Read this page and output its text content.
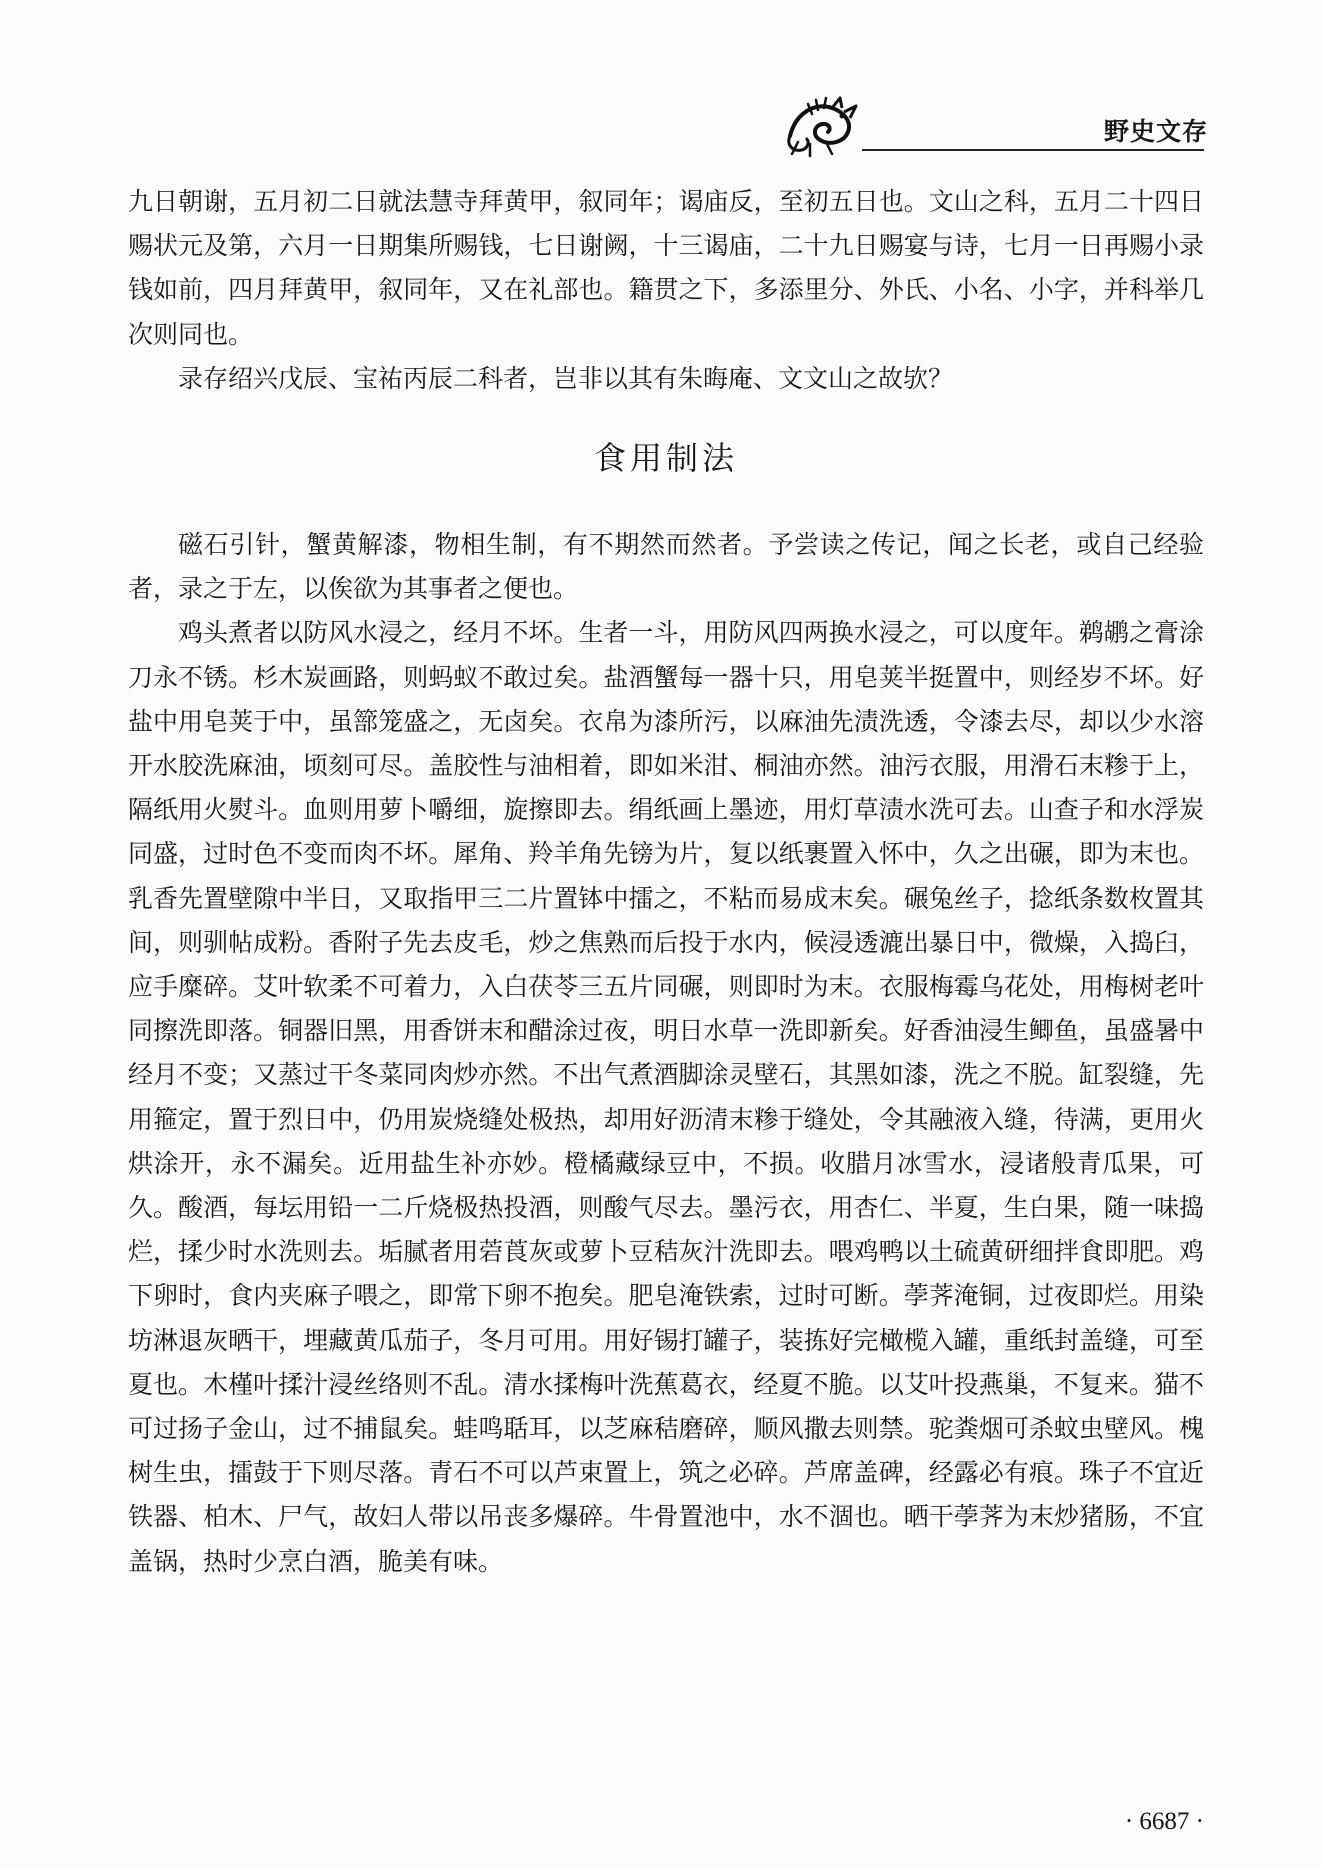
野史文存

九日朝谢，五月初二日就法慧寺拜黄甲，叙同年；谒庙反，至初五日也。文山之科，五月二十四日赐状元及第，六月一日期集所赐钱，七日谢阙，十三谒庙，二十九日赐宴与诗，七月一日再赐小录钱如前，四月拜黄甲，叙同年，又在礼部也。籍贯之下，多添里分、外氏、小名、小字，并科举几次则同也。

录存绍兴戊辰、宝祐丙辰二科者，岂非以其有朱晦庵、文文山之故欤？

食用制法

磁石引针，蟹黄解漆，物相生制，有不期然而然者。予尝读之传记，闻之长老，或自己经验者，录之于左，以俟欲为其事者之便也。

鸡头煮者以防风水浸之，经月不坏。生者一斗，用防风四两换水浸之，可以度年。鹈鹕之膏涂刀永不锈。杉木炭画路，则蚂蚁不敢过矣。盐酒蟹每一器十只，用皂荚半挺置中，则经岁不坏。好盐中用皂荚于中，虽篰笼盛之，无卤矣。衣帛为漆所污，以麻油先渍洗透，令漆去尽，却以少水溶开水胶洗麻油，顷刻可尽。盖胶性与油相着，即如米泔、桐油亦然。油污衣服，用滑石末糁于上，隔纸用火熨斗。血则用萝卜嚼细，旋擦即去。绢纸画上墨迹，用灯草渍水洗可去。山查子和水浮炭同盛，过时色不变而肉不坏。犀角、羚羊角先镑为片，复以纸裹置入怀中，久之出碾，即为末也。乳香先置壁隙中半日，又取指甲三二片置钵中擂之，不粘而易成末矣。碾兔丝子，捻纸条数枚置其间，则驯帖成粉。香附子先去皮毛，炒之焦熟而后投于水内，候浸透漉出暴日中，微燥，入捣臼，应手糜碎。艾叶软柔不可着力，入白茯苓三五片同碾，则即时为末。衣服梅霉乌花处，用梅树老叶同擦洗即落。铜器旧黑，用香饼末和醋涂过夜，明日水草一洗即新矣。好香油浸生鲫鱼，虽盛暑中经月不变；又蒸过干冬菜同肉炒亦然。不出气煮酒脚涂灵壁石，其黑如漆，洗之不脱。缸裂缝，先用箍定，置于烈日中，仍用炭烧缝处极热，却用好沥清末糁于缝处，令其融液入缝，待满，更用火烘涂开，永不漏矣。近用盐生补亦妙。橙橘藏绿豆中，不损。收腊月冰雪水，浸诸般青瓜果，可久。酸酒，每坛用铅一二斤烧极热投酒，则酸气尽去。墨污衣，用杏仁、半夏，生白果，随一味捣烂，揉少时水洗则去。垢腻者用菪莨灰或萝卜豆秸灰汁洗即去。喂鸡鸭以土硫黄研细拌食即肥。鸡下卵时，食内夹麻子喂之，即常下卵不抱矣。肥皂淹铁索，过时可断。荸荠淹铜，过夜即烂。用染坊淋退灰晒干，埋藏黄瓜茄子，冬月可用。用好锡打罐子，装拣好完橄榄入罐，重纸封盖缝，可至夏也。木槿叶揉汁浸丝络则不乱。清水揉梅叶洗蕉葛衣，经夏不脆。以艾叶投燕巢，不复来。猫不可过扬子金山，过不捕鼠矣。蛙鸣聒耳，以芝麻秸磨碎，顺风撒去则禁。驼粪烟可杀蚊虫壁风。槐树生虫，擂鼓于下则尽落。青石不可以芦束置上，筑之必碎。芦席盖碑，经露必有痕。珠子不宜近铁器、柏木、尸气，故妇人带以吊丧多爆碎。牛骨置池中，水不涸也。晒干荸荠为末炒猪肠，不宜盖锅，热时少烹白酒，脆美有味。

· 6687 ·
